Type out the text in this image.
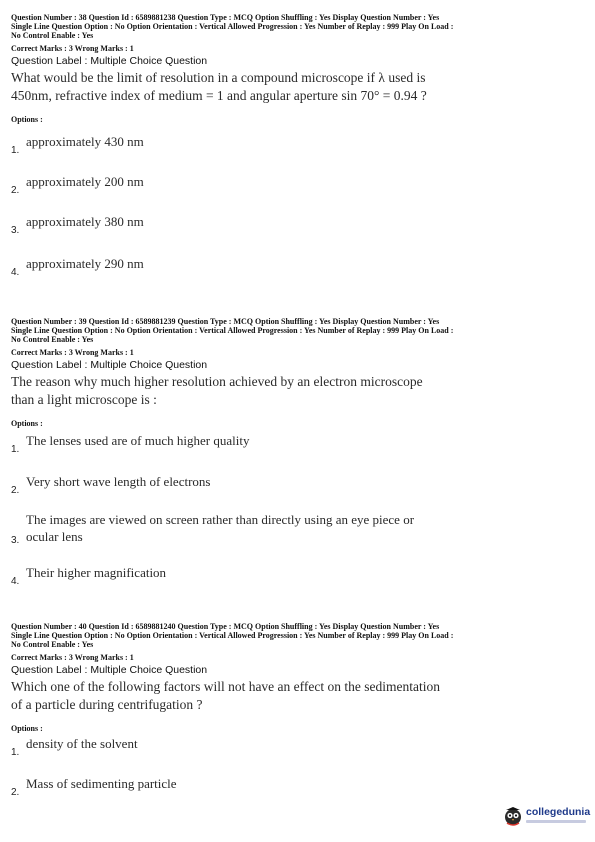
Question Number : 38 Question Id : 6589881238 Question Type : MCQ Option Shuffling : Yes Display Question Number : Yes
Single Line Question Option : No Option Orientation : Vertical Allowed Progression : Yes Number of Replay : 999 Play On Load :
No Control Enable : Yes
Correct Marks : 3 Wrong Marks : 1
Question Label : Multiple Choice Question
What would be the limit of resolution in a compound microscope if λ used is
450nm, refractive index of medium = 1 and angular aperture sin 70° = 0.94 ?
Options :
1.
approximately 430 nm
2.
approximately 200 nm
3.
approximately 380 nm
4.
approximately 290 nm
Question Number : 39 Question Id : 6589881239 Question Type : MCQ Option Shuffling : Yes Display Question Number : Yes
Single Line Question Option : No Option Orientation : Vertical Allowed Progression : Yes Number of Replay : 999 Play On Load :
No Control Enable : Yes
Correct Marks : 3 Wrong Marks : 1
Question Label : Multiple Choice Question
The reason why much higher resolution achieved by an electron microscope
than a light microscope is :
Options :
1.
The lenses used are of much higher quality
2.
Very short wave length of electrons
The images are viewed on screen rather than directly using an eye piece or
3. ocular lens
4.
Their higher magnification
Question Number : 40 Question Id : 6589881240 Question Type : MCQ Option Shuffling : Yes Display Question Number : Yes
Single Line Question Option : No Option Orientation : Vertical Allowed Progression : Yes Number of Replay : 999 Play On Load :
No Control Enable : Yes
Correct Marks : 3 Wrong Marks : 1
Question Label : Multiple Choice Question
Which one of the following factors will not have an effect on the sedimentation
of a particle during centrifugation ?
Options :
1.
density of the solvent
2.
Mass of sedimenting particle
collegedunia
